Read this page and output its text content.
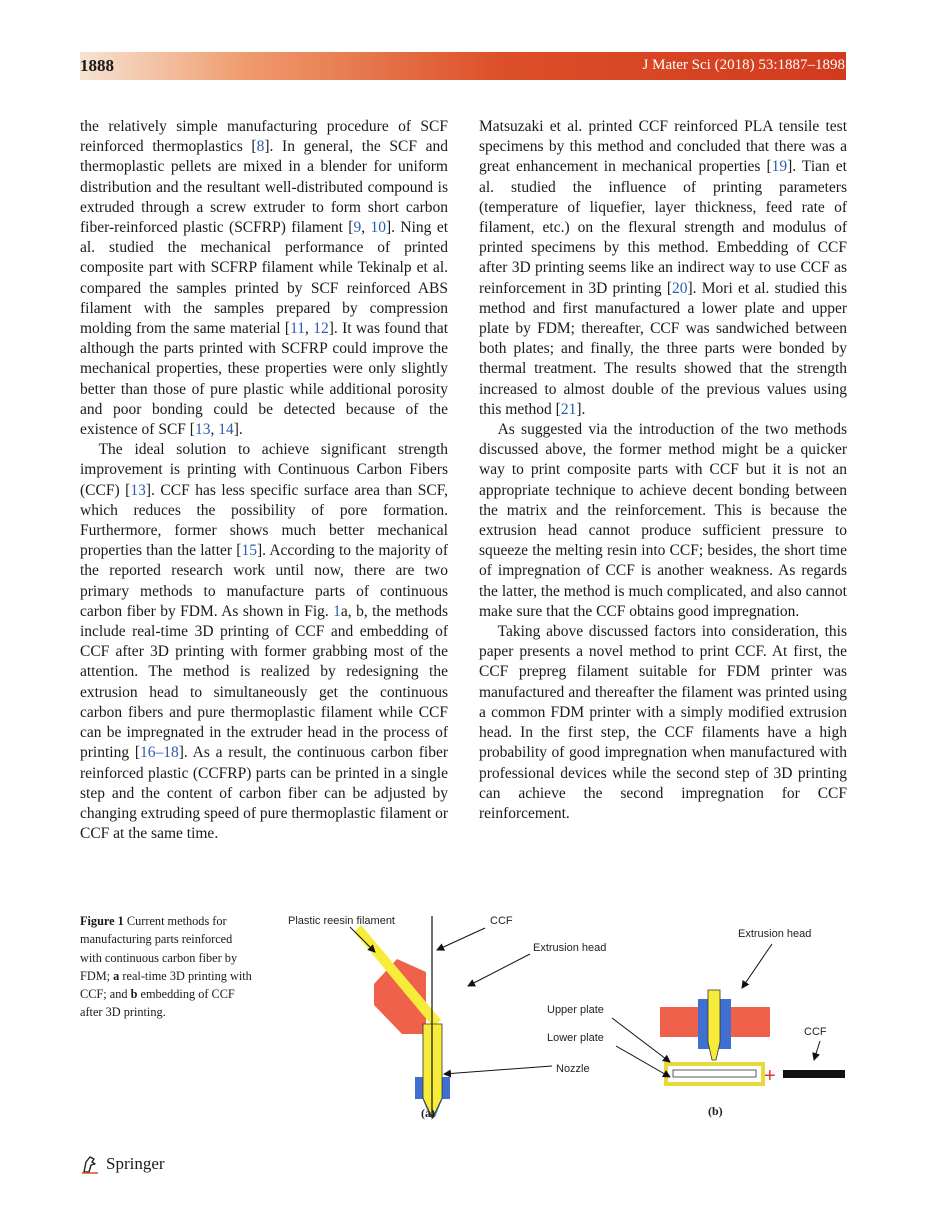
1888	J Mater Sci (2018) 53:1887–1898

the relatively simple manufacturing procedure of SCF reinforced thermoplastics [8]. In general, the SCF and thermoplastic pellets are mixed in a blender for uniform distribution and the resultant well-distributed compound is extruded through a screw extruder to form short carbon fiber-reinforced plastic (SCFRP) filament [9, 10]. Ning et al. studied the mechanical performance of printed composite part with SCFRP filament while Tekinalp et al. compared the samples printed by SCF reinforced ABS filament with the samples prepared by compression molding from the same material [11, 12]. It was found that although the parts printed with SCFRP could improve the mechanical properties, these properties were only slightly better than those of pure plastic while additional porosity and poor bonding could be detected because of the existence of SCF [13, 14].

The ideal solution to achieve significant strength improvement is printing with Continuous Carbon Fibers (CCF) [13]. CCF has less specific surface area than SCF, which reduces the possibility of pore formation. Furthermore, former shows much better mechanical properties than the latter [15]. According to the majority of the reported research work until now, there are two primary methods to manufacture parts of continuous carbon fiber by FDM. As shown in Fig. 1a, b, the methods include real-time 3D printing of CCF and embedding of CCF after 3D printing with former grabbing most of the attention. The method is realized by redesigning the extrusion head to simultaneously get the continuous carbon fibers and pure thermoplastic filament while CCF can be impregnated in the extruder head in the process of printing [16–18]. As a result, the continuous carbon fiber reinforced plastic (CCFRP) parts can be printed in a single step and the content of carbon fiber can be adjusted by changing extruding speed of pure thermoplastic filament or CCF at the same time.

Matsuzaki et al. printed CCF reinforced PLA tensile test specimens by this method and concluded that there was a great enhancement in mechanical properties [19]. Tian et al. studied the influence of printing parameters (temperature of liquefier, layer thickness, feed rate of filament, etc.) on the flexural strength and modulus of printed specimens by this method. Embedding of CCF after 3D printing seems like an indirect way to use CCF as reinforcement in 3D printing [20]. Mori et al. studied this method and first manufactured a lower plate and upper plate by FDM; thereafter, CCF was sandwiched between both plates; and finally, the three parts were bonded by thermal treatment. The results showed that the strength increased to almost double of the previous values using this method [21].

As suggested via the introduction of the two methods discussed above, the former method might be a quicker way to print composite parts with CCF but it is not an appropriate technique to achieve decent bonding between the matrix and the reinforcement. This is because the extrusion head cannot produce sufficient pressure to squeeze the melting resin into CCF; besides, the short time of impregnation of CCF is another weakness. As regards the latter, the method is much complicated, and also cannot make sure that the CCF obtains good impregnation.

Taking above discussed factors into consideration, this paper presents a novel method to print CCF. At first, the CCF prepreg filament suitable for FDM printer was manufactured and thereafter the filament was printed using a common FDM printer with a simply modified extrusion head. In the first step, the CCF filaments have a high probability of good impregnation when manufactured with professional devices while the second step of 3D printing can achieve the second impregnation for CCF reinforcement.

Figure 1 Current methods for manufacturing parts reinforced with continuous carbon fiber by FDM; a real-time 3D printing with CCF; and b embedding of CCF after 3D printing.
Plastic reesin filament	CCF
Extrusion head
Nozzle
(a)
+
Extrusion head
Upper plate
Lower plate	CCF
(b)
Springer
